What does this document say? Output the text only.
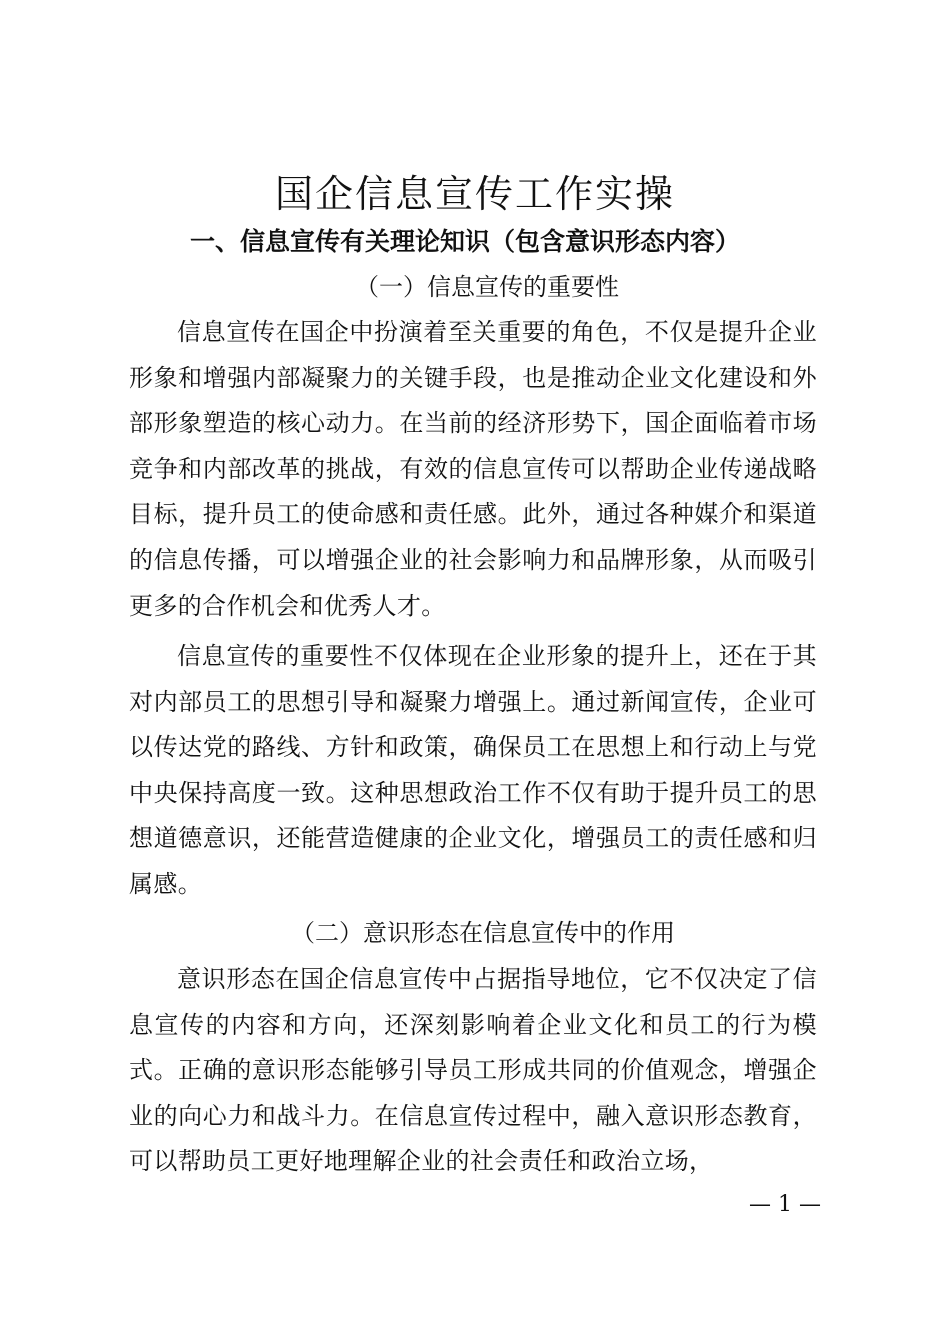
国企信息宣传工作实操
一、信息宣传有关理论知识（包含意识形态内容）
（一）信息宣传的重要性

信息宣传在国企中扮演着至关重要的角色，不仅是提升企业形象和增强内部凝聚力的关键手段，也是推动企业文化建设和外部形象塑造的核心动力。在当前的经济形势下，国企面临着市场竞争和内部改革的挑战，有效的信息宣传可以帮助企业传递战略目标，提升员工的使命感和责任感。此外，通过各种媒介和渠道的信息传播，可以增强企业的社会影响力和品牌形象，从而吸引更多的合作机会和优秀人才。

信息宣传的重要性不仅体现在企业形象的提升上，还在于其对内部员工的思想引导和凝聚力增强上。通过新闻宣传，企业可以传达党的路线、方针和政策，确保员工在思想上和行动上与党中央保持高度一致。这种思想政治工作不仅有助于提升员工的思想道德意识，还能营造健康的企业文化，增强员工的责任感和归属感。

（二）意识形态在信息宣传中的作用

意识形态在国企信息宣传中占据指导地位，它不仅决定了信息宣传的内容和方向，还深刻影响着企业文化和员工的行为模式。正确的意识形态能够引导员工形成共同的价值观念，增强企业的向心力和战斗力。在信息宣传过程中，融入意识形态教育，可以帮助员工更好地理解企业的社会责任和政治立场，

— 1 —
